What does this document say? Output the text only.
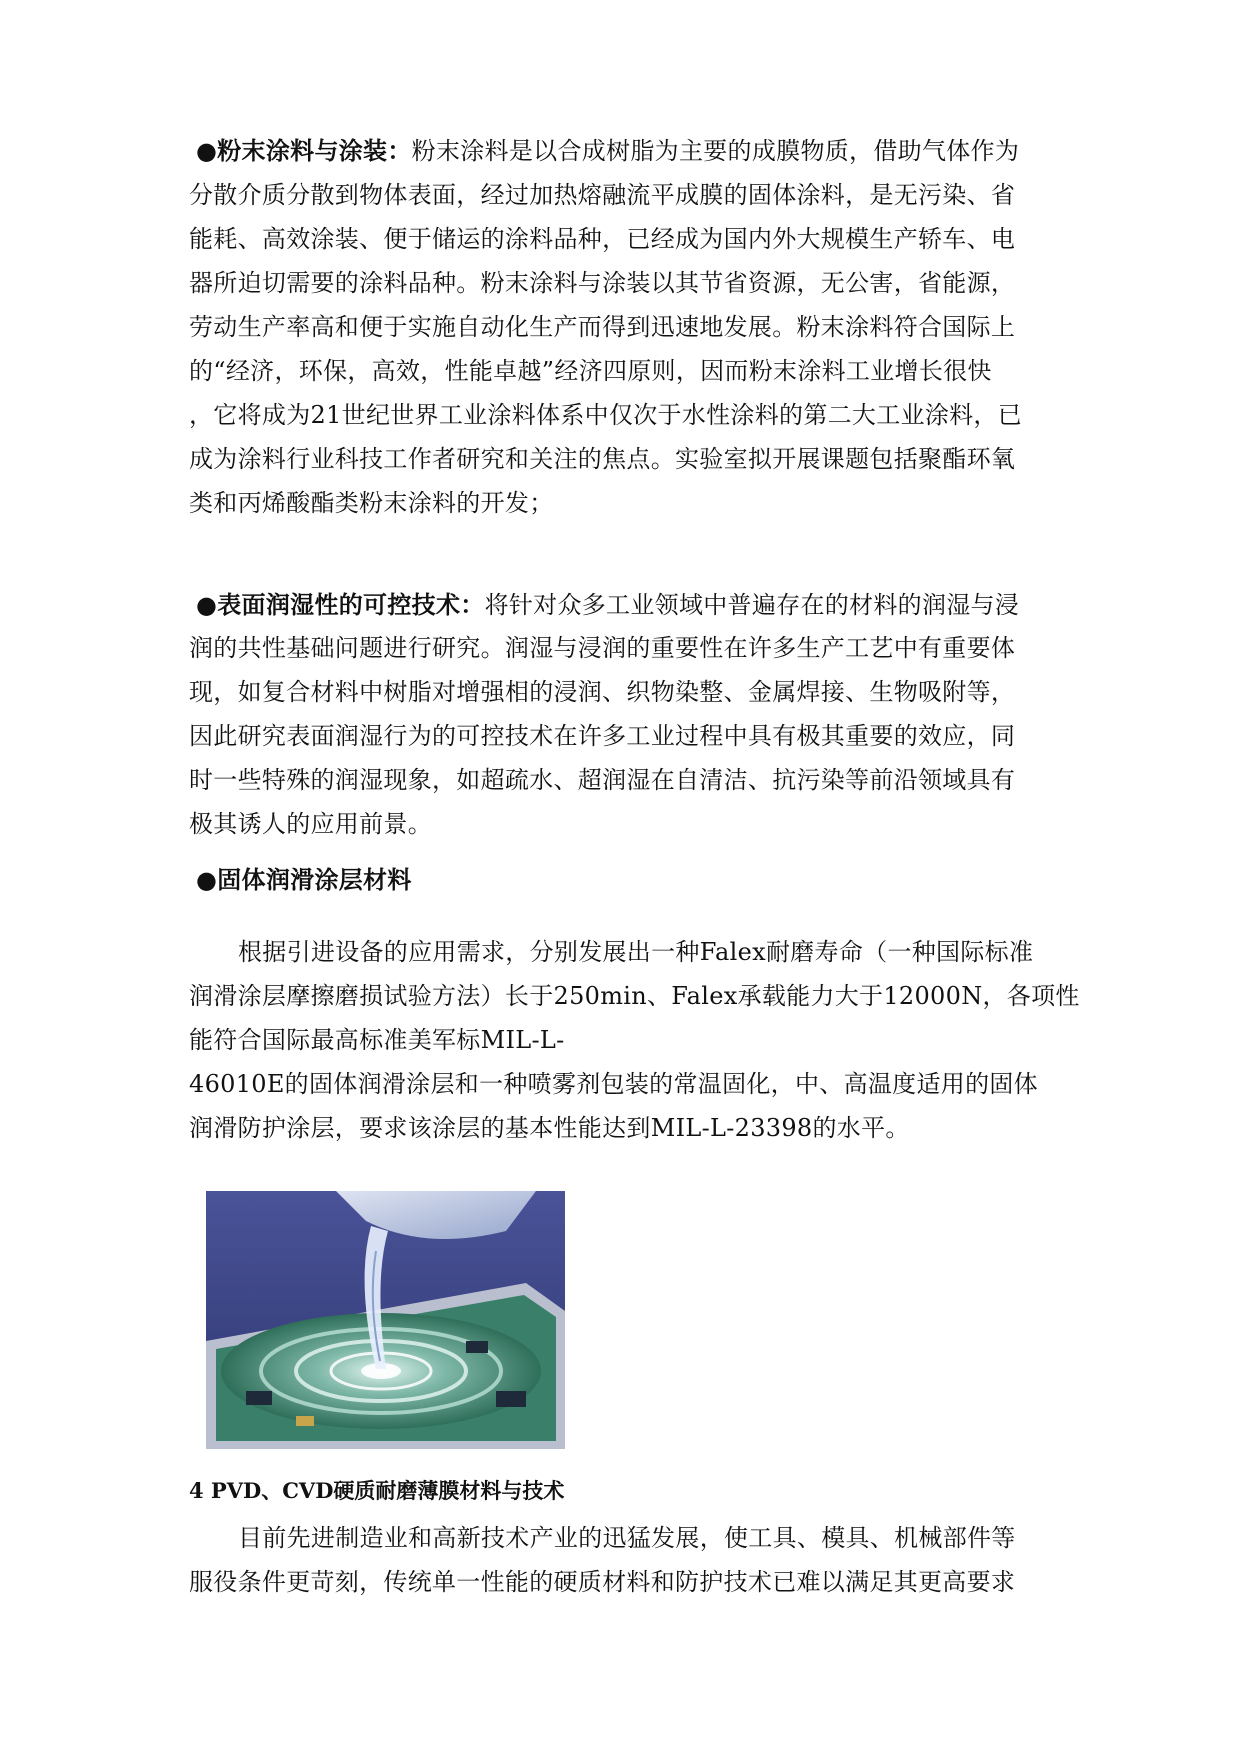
●粉末涂料与涂装：粉末涂料是以合成树脂为主要的成膜物质，借助气体作为
分散介质分散到物体表面，经过加热熔融流平成膜的固体涂料，是无污染、省
能耗、高效涂装、便于储运的涂料品种，已经成为国内外大规模生产轿车、电
器所迫切需要的涂料品种。粉末涂料与涂装以其节省资源，无公害，省能源，
劳动生产率高和便于实施自动化生产而得到迅速地发展。粉末涂料符合国际上
的“经济，环保，高效，性能卓越”经济四原则，因而粉末涂料工业增长很快
，它将成为21世纪世界工业涂料体系中仅次于水性涂料的第二大工业涂料，已
成为涂料行业科技工作者研究和关注的焦点。实验室拟开展课题包括聚酯环氧
类和丙烯酸酯类粉末涂料的开发；
●表面润湿性的可控技术：将针对众多工业领域中普遍存在的材料的润湿与浸
润的共性基础问题进行研究。润湿与浸润的重要性在许多生产工艺中有重要体
现，如复合材料中树脂对增强相的浸润、织物染整、金属焊接、生物吸附等，
因此研究表面润湿行为的可控技术在许多工业过程中具有极其重要的效应，同
时一些特殊的润湿现象，如超疏水、超润湿在自清洁、抗污染等前沿领域具有
极其诱人的应用前景。
●固体润滑涂层材料
根据引进设备的应用需求，分别发展出一种Falex耐磨寿命（一种国际标准
润滑涂层摩擦磨损试验方法）长于250min、Falex承载能力大于12000N，各项性
能符合国际最高标准美军标MIL-L-
46010E的固体润滑涂层和一种喷雾剂包装的常温固化，中、高温度适用的固体
润滑防护涂层，要求该涂层的基本性能达到MIL-L-23398的水平。
4 PVD、CVD硬质耐磨薄膜材料与技术
目前先进制造业和高新技术产业的迅猛发展，使工具、模具、机械部件等
服役条件更苛刻，传统单一性能的硬质材料和防护技术已难以满足其更高要求
